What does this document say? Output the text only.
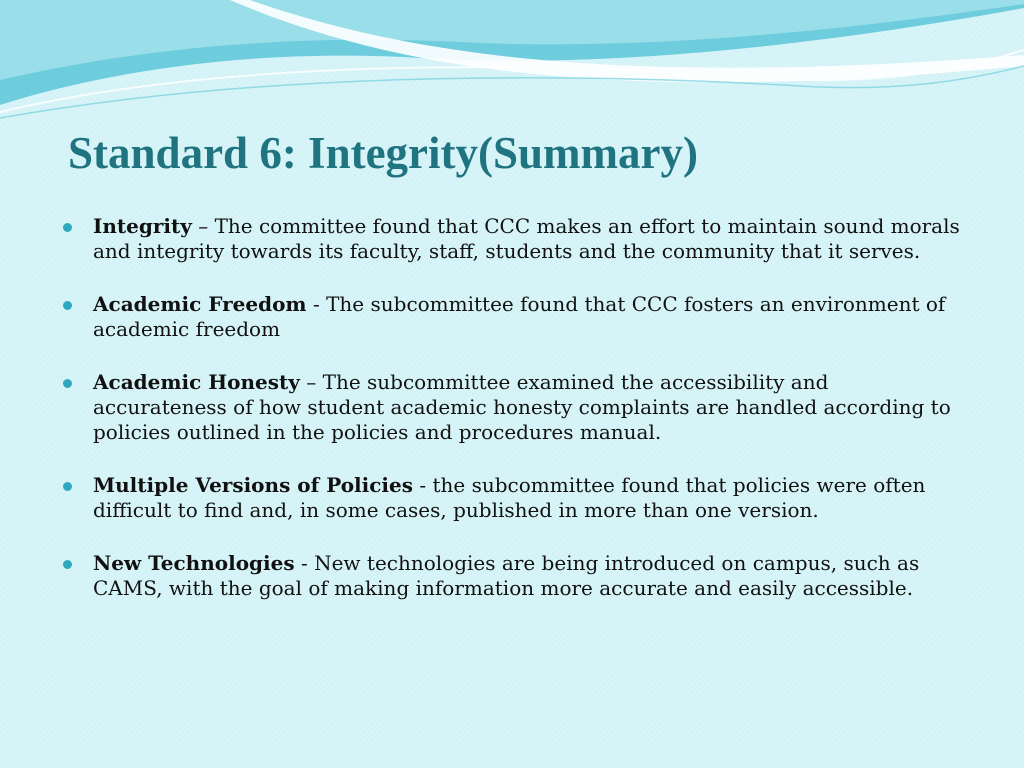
Standard 6: Integrity(Summary)
Integrity – The committee found that CCC makes an effort to maintain sound morals and integrity towards its faculty, staff, students and the community that it serves.
Academic Freedom - The subcommittee found that CCC fosters an environment of academic freedom
Academic Honesty – The subcommittee examined the accessibility and accurateness of how student academic honesty complaints are handled according to policies outlined in the policies and procedures manual.
Multiple Versions of Policies - the subcommittee found that policies were often difficult to find and, in some cases, published in more than one version.
New Technologies - New technologies are being introduced on campus, such as CAMS, with the goal of making information more accurate and easily accessible.
